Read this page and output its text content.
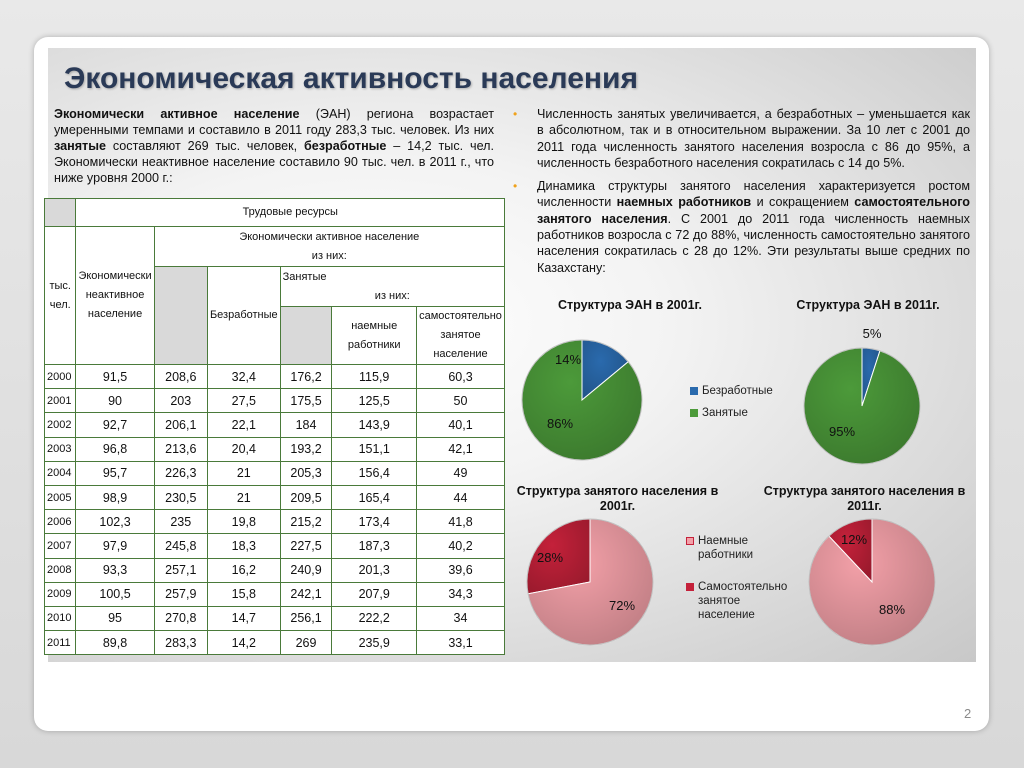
Экономическая активность населения
Экономически активное население (ЭАН) региона возрастает умеренными темпами и составило в 2011 году 283,3 тыс. человек. Из них занятые составляют 269 тыс. человек, безработные – 14,2 тыс. чел. Экономически неактивное население составило 90 тыс. чел. в 2011 г., что ниже уровня 2000 г.:
	Трудовые ресурсы					
тыс. чел.	Экономически неактивное население	Экономически активное население
из них:				

			Безработные	Занятые
из них:		

					наемные работники	самостоятельно занятое население

2000	91,5	208,6	32,4	176,2	115,9	60,3
2001	90	203	27,5	175,5	125,5	50
2002	92,7	206,1	22,1	184	143,9	40,1
2003	96,8	213,6	20,4	193,2	151,1	42,1
2004	95,7	226,3	21	205,3	156,4	49
2005	98,9	230,5	21	209,5	165,4	44
2006	102,3	235	19,8	215,2	173,4	41,8
2007	97,9	245,8	18,3	227,5	187,3	40,2
2008	93,3	257,1	16,2	240,9	201,3	39,6
2009	100,5	257,9	15,8	242,1	207,9	34,3
2010	95	270,8	14,7	256,1	222,2	34
2011	89,8	283,3	14,2	269	235,9	33,1
• Численность занятых увеличивается, а безработных – уменьшается как в абсолютном, так и в относительном выражении. За 10 лет с 2001 до 2011 года численность занятого населения возросла с 86 до 95%, а численность безработного населения сократилась с 14 до 5%.
• Динамика структуры занятого населения характеризуется ростом численности наемных работников и сокращением самостоятельного занятого населения. С 2001 до 2011 года численность наемных работников возросла с 72 до 88%, численность самостоятельно занятого населения сократилась с 28 до 12%. Эти результаты выше средних по Казахстану:
Структура ЭАН в 2001г.	Структура ЭАН в 2011г.
Структура занятого населения в 2001г.
Структура занятого населения в 2011г.
14%
86%
5%
95%
28%
72%
12%
88%
Безработные
Занятые
Наемные работники
Самостоятельно занятое население
2
